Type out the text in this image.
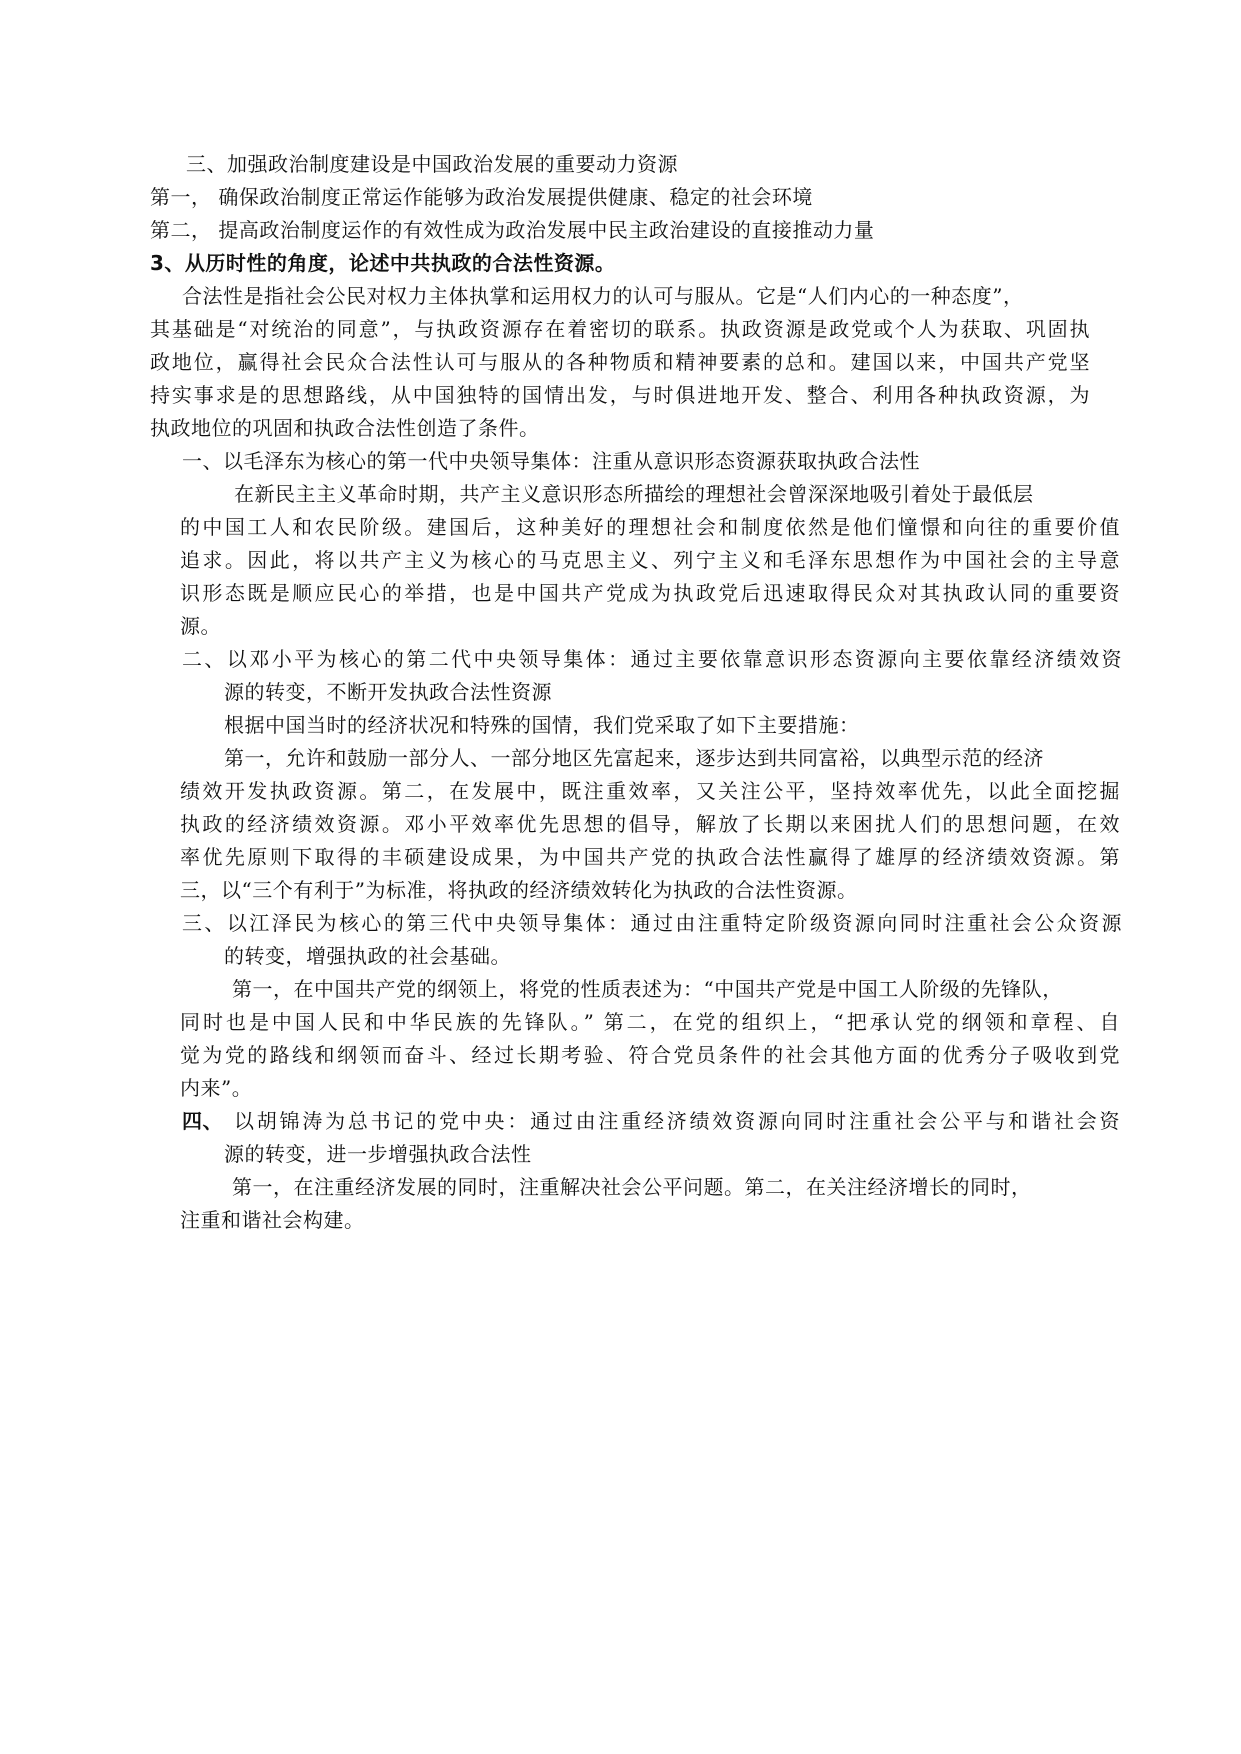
三、加强政治制度建设是中国政治发展的重要动力资源
第一， 确保政治制度正常运作能够为政治发展提供健康、稳定的社会环境
第二， 提高政治制度运作的有效性成为政治发展中民主政治建设的直接推动力量
3、从历时性的角度，论述中共执政的合法性资源。
合法性是指社会公民对权力主体执掌和运用权力的认可与服从。它是“人们内心的一种态度”，
其基础是“对统治的同意”，与执政资源存在着密切的联系。执政资源是政党或个人为获取、巩固执
政地位，赢得社会民众合法性认可与服从的各种物质和精神要素的总和。建国以来，中国共产党坚
持实事求是的思想路线，从中国独特的国情出发，与时俱进地开发、整合、利用各种执政资源，为
执政地位的巩固和执政合法性创造了条件。
一、以毛泽东为核心的第一代中央领导集体：注重从意识形态资源获取执政合法性
在新民主主义革命时期，共产主义意识形态所描绘的理想社会曾深深地吸引着处于最低层
的中国工人和农民阶级。建国后，这种美好的理想社会和制度依然是他们憧憬和向往的重要价值
追求。因此，将以共产主义为核心的马克思主义、列宁主义和毛泽东思想作为中国社会的主导意
识形态既是顺应民心的举措，也是中国共产党成为执政党后迅速取得民众对其执政认同的重要资
源。
二、以邓小平为核心的第二代中央领导集体：通过主要依靠意识形态资源向主要依靠经济绩效资
源的转变，不断开发执政合法性资源
根据中国当时的经济状况和特殊的国情，我们党采取了如下主要措施：
第一，允许和鼓励一部分人、一部分地区先富起来，逐步达到共同富裕，以典型示范的经济
绩效开发执政资源。第二，在发展中，既注重效率，又关注公平，坚持效率优先，以此全面挖掘
执政的经济绩效资源。邓小平效率优先思想的倡导，解放了长期以来困扰人们的思想问题，在效
率优先原则下取得的丰硕建设成果，为中国共产党的执政合法性赢得了雄厚的经济绩效资源。第
三，以“三个有利于”为标准，将执政的经济绩效转化为执政的合法性资源。
三、以江泽民为核心的第三代中央领导集体：通过由注重特定阶级资源向同时注重社会公众资源
的转变，增强执政的社会基础。
第一，在中国共产党的纲领上，将党的性质表述为：“中国共产党是中国工人阶级的先锋队，
同时也是中国人民和中华民族的先锋队。” 第二，在党的组织上，“把承认党的纲领和章程、自
觉为党的路线和纲领而奋斗、经过长期考验、符合党员条件的社会其他方面的优秀分子吸收到党
内来”。
四、 以胡锦涛为总书记的党中央：通过由注重经济绩效资源向同时注重社会公平与和谐社会资
源的转变，进一步增强执政合法性
第一，在注重经济发展的同时，注重解决社会公平问题。第二，在关注经济增长的同时，
注重和谐社会构建。
